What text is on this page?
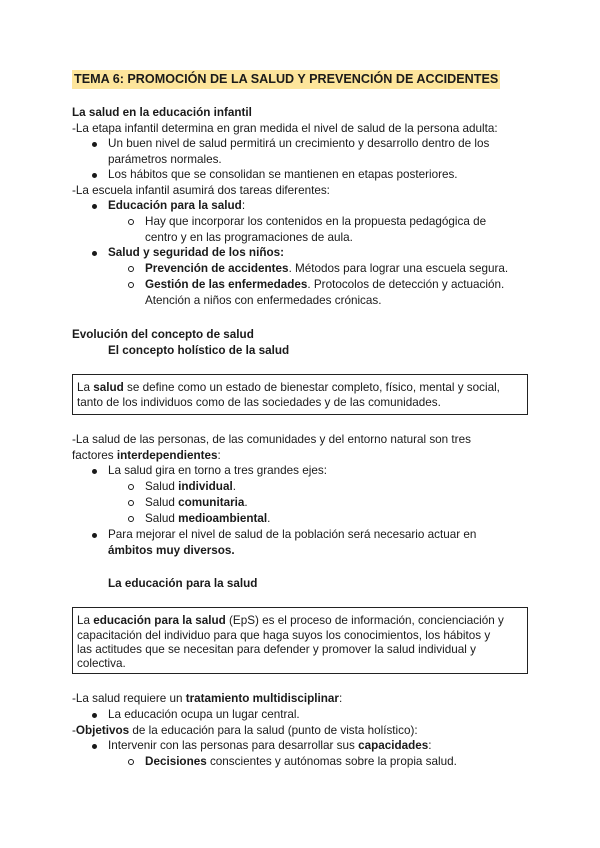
TEMA 6: PROMOCIÓN DE LA SALUD Y PREVENCIÓN DE ACCIDENTES
La salud en la educación infantil
-La etapa infantil determina en gran medida el nivel de salud de la persona adulta:
Un buen nivel de salud permitirá un crecimiento y desarrollo dentro de los
parámetros normales.
Los hábitos que se consolidan se mantienen en etapas posteriores.
-La escuela infantil asumirá dos tareas diferentes:
Educación para la salud:
Hay que incorporar los contenidos en la propuesta pedagógica de
centro y en las programaciones de aula.
Salud y seguridad de los niños:
Prevención de accidentes. Métodos para lograr una escuela segura.
Gestión de las enfermedades. Protocolos de detección y actuación.
Atención a niños con enfermedades crónicas.
Evolución del concepto de salud
El concepto holístico de la salud
La salud se define como un estado de bienestar completo, físico, mental y social,
tanto de los individuos como de las sociedades y de las comunidades.
-La salud de las personas, de las comunidades y del entorno natural son tres
factores interdependientes:
La salud gira en torno a tres grandes ejes:
Salud individual.
Salud comunitaria.
Salud medioambiental.
Para mejorar el nivel de salud de la población será necesario actuar en
ámbitos muy diversos.
La educación para la salud
La educación para la salud (EpS) es el proceso de información, concienciación y
capacitación del individuo para que haga suyos los conocimientos, los hábitos y
las actitudes que se necesitan para defender y promover la salud individual y
colectiva.
-La salud requiere un tratamiento multidisciplinar:
La educación ocupa un lugar central.
-Objetivos de la educación para la salud (punto de vista holístico):
Intervenir con las personas para desarrollar sus capacidades:
Decisiones conscientes y autónomas sobre la propia salud.
